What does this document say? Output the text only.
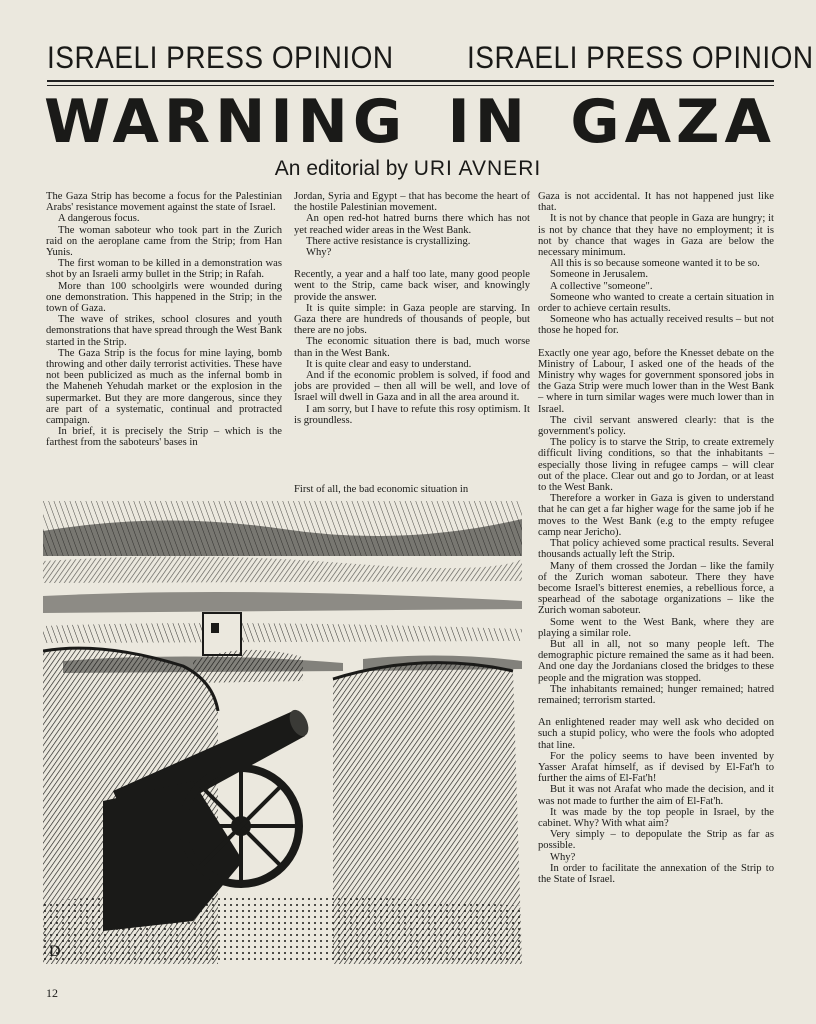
ISRAELI PRESS OPINION	ISRAELI PRESS OPINION
WARNING IN GAZA
An editorial by URI AVNERI

The Gaza Strip has become a focus for the Palestinian Arabs' resistance movement against the state of Israel.

A dangerous focus.

The woman saboteur who took part in the Zurich raid on the aeroplane came from the Strip; from Han Yunis.

The first woman to be killed in a demonstration was shot by an Israeli army bullet in the Strip; in Rafah.

More than 100 schoolgirls were wounded during one demonstration. This happened in the Strip; in the town of Gaza.

The wave of strikes, school closures and youth demonstrations that have spread through the West Bank started in the Strip.

The Gaza Strip is the focus for mine laying, bomb throwing and other daily terrorist activities. These have not been publicized as much as the infernal bomb in the Maheneh Yehudah market or the explosion in the supermarket. But they are more dangerous, since they are part of a systematic, continual and protracted campaign.

In brief, it is precisely the Strip – which is the farthest from the saboteurs' bases in

Jordan, Syria and Egypt – that has become the heart of the hostile Palestinian movement.

An open red-hot hatred burns there which has not yet reached wider areas in the West Bank.

There active resistance is crystallizing.

Why?

Recently, a year and a half too late, many good people went to the Strip, came back wiser, and knowingly provide the answer.

It is quite simple: in Gaza people are starving. In Gaza there are hundreds of thousands of people, but there are no jobs.

The economic situation there is bad, much worse than in the West Bank.

It is quite clear and easy to understand.

And if the economic problem is solved, if food and jobs are provided – then all will be well, and love of Israel will dwell in Gaza and in all the area around it.

I am sorry, but I have to refute this rosy optimism. It is groundless.

First of all, the bad economic situation in

Gaza is not accidental. It has not happened just like that.

It is not by chance that people in Gaza are hungry; it is not by chance that they have no employment; it is not by chance that wages in Gaza are below the necessary minimum.

All this is so because someone wanted it to be so.

Someone in Jerusalem.

A collective "someone".

Someone who wanted to create a certain situation in order to achieve certain results.

Someone who has actually received results – but not those he hoped for.

Exactly one year ago, before the Knesset debate on the Ministry of Labour, I asked one of the heads of the Ministry why wages for government sponsored jobs in the Gaza Strip were much lower than in the West Bank – where in turn similar wages were much lower than in Israel.

The civil servant answered clearly: that is the government's policy.

The policy is to starve the Strip, to create extremely difficult living conditions, so that the inhabitants – especially those living in refugee camps – will clear out of the place. Clear out and go to Jordan, or at least to the West Bank.

Therefore a worker in Gaza is given to understand that he can get a far higher wage for the same job if he moves to the West Bank (e.g to the empty refugee camp near Jericho).

That policy achieved some practical results. Several thousands actually left the Strip.

Many of them crossed the Jordan – like the family of the Zurich woman saboteur. There they have become Israel's bitterest enemies, a rebellious force, a spearhead of the sabotage organizations – like the Zurich woman saboteur.

Some went to the West Bank, where they are playing a similar role.

But all in all, not so many people left. The demographic picture remained the same as it had been. And one day the Jordanians closed the bridges to these people and the migration was stopped.

The inhabitants remained; hunger remained; hatred remained; terrorism started.

An enlightened reader may well ask who decided on such a stupid policy, who were the fools who adopted that line.

For the policy seems to have been invented by Yasser Arafat himself, as if devised by El-Fat'h to further the aims of El-Fat'h!

But it was not Arafat who made the decision, and it was not made to further the aim of El-Fat'h.

It was made by the top people in Israel, by the cabinet. Why? With what aim?

Very simply – to depopulate the Strip as far as possible.

Why?

In order to facilitate the annexation of the Strip to the State of Israel.

D
12
